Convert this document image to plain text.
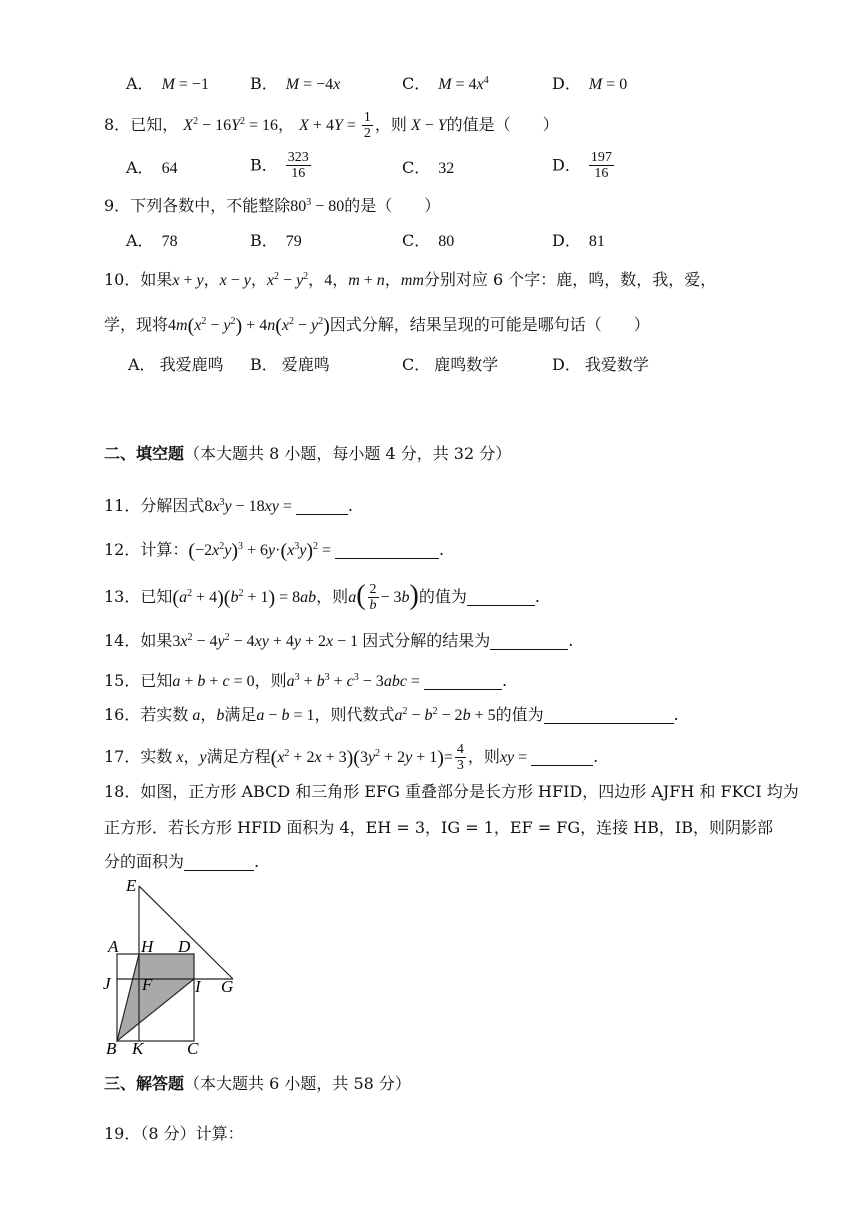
A． M = −1	B． M = −4x	C． $M = 4x^4$	D． M = 0
8．已知， $X^2 - 16Y^2 = 16$， $X + 4Y = \frac{1}{2}$ ，则 X − Y的值是（　　）
A． 64	B． $\frac{323}{16}$	C． 32	D． $\frac{197}{16}$
9．下列各数中，不能整除$80^3 - 80$的是（　　）
A． 78	B． 79	C． 80	D． 81
10．如果x + y，x − y，$x^2 - y^2$，4，m + n，mm分别对应 6 个字：鹿，鸣，数，我，爱，
学，现将$4m(x^2 - y^2) + 4n(x^2 - y^2)$因式分解，结果呈现的可能是哪句话（　　）
A． 我爱鹿鸣 B． 爱鹿鸣	C． 鹿鸣数学	D． 我爱数学
二、填空题（本大题共 8 小题，每小题 4 分，共 32 分）
11．分解因式$8x^3y - 18xy$ =	.
12．计算：$(-2x^2y)^3 + 6y\cdot(x^3y)^2$ =	.
13．已知$(a^2 + 4)(b^2 + 1) = 8ab$，则$a( \frac{2}{b} - 3b)$的值为	.
14．如果$3x^2 - 4y^2 - 4xy + 4y + 2x - 1$ 因式分解的结果为	.
15．已知a + b + c = 0，则$a^3 + b^3 + c^3 - 3abc$ =	.
16．若实数 a，b满足a − b = 1，则代数式$a^2 - b^2 - 2b + 5$的值为	.
17．实数 x，y满足方程$(x^2 + 2x + 3)(3y^2 + 2y + 1)= \frac{4}{3}$ ，则xy =	.
18．如图，正方形 ABCD 和三角形 EFG 重叠部分是长方形 HFID，四边形 AJFH 和 FKCI 均为
正方形．若长方形 HFID 面积为 4，EH = 3，IG = 1，EF = FG，连接 HB，IB，则阴影部
分的面积为	.
E
A H D
J F	I G
B K	C
三、解答题（本大题共 6 小题，共 58 分）
19．（8 分）计算：
